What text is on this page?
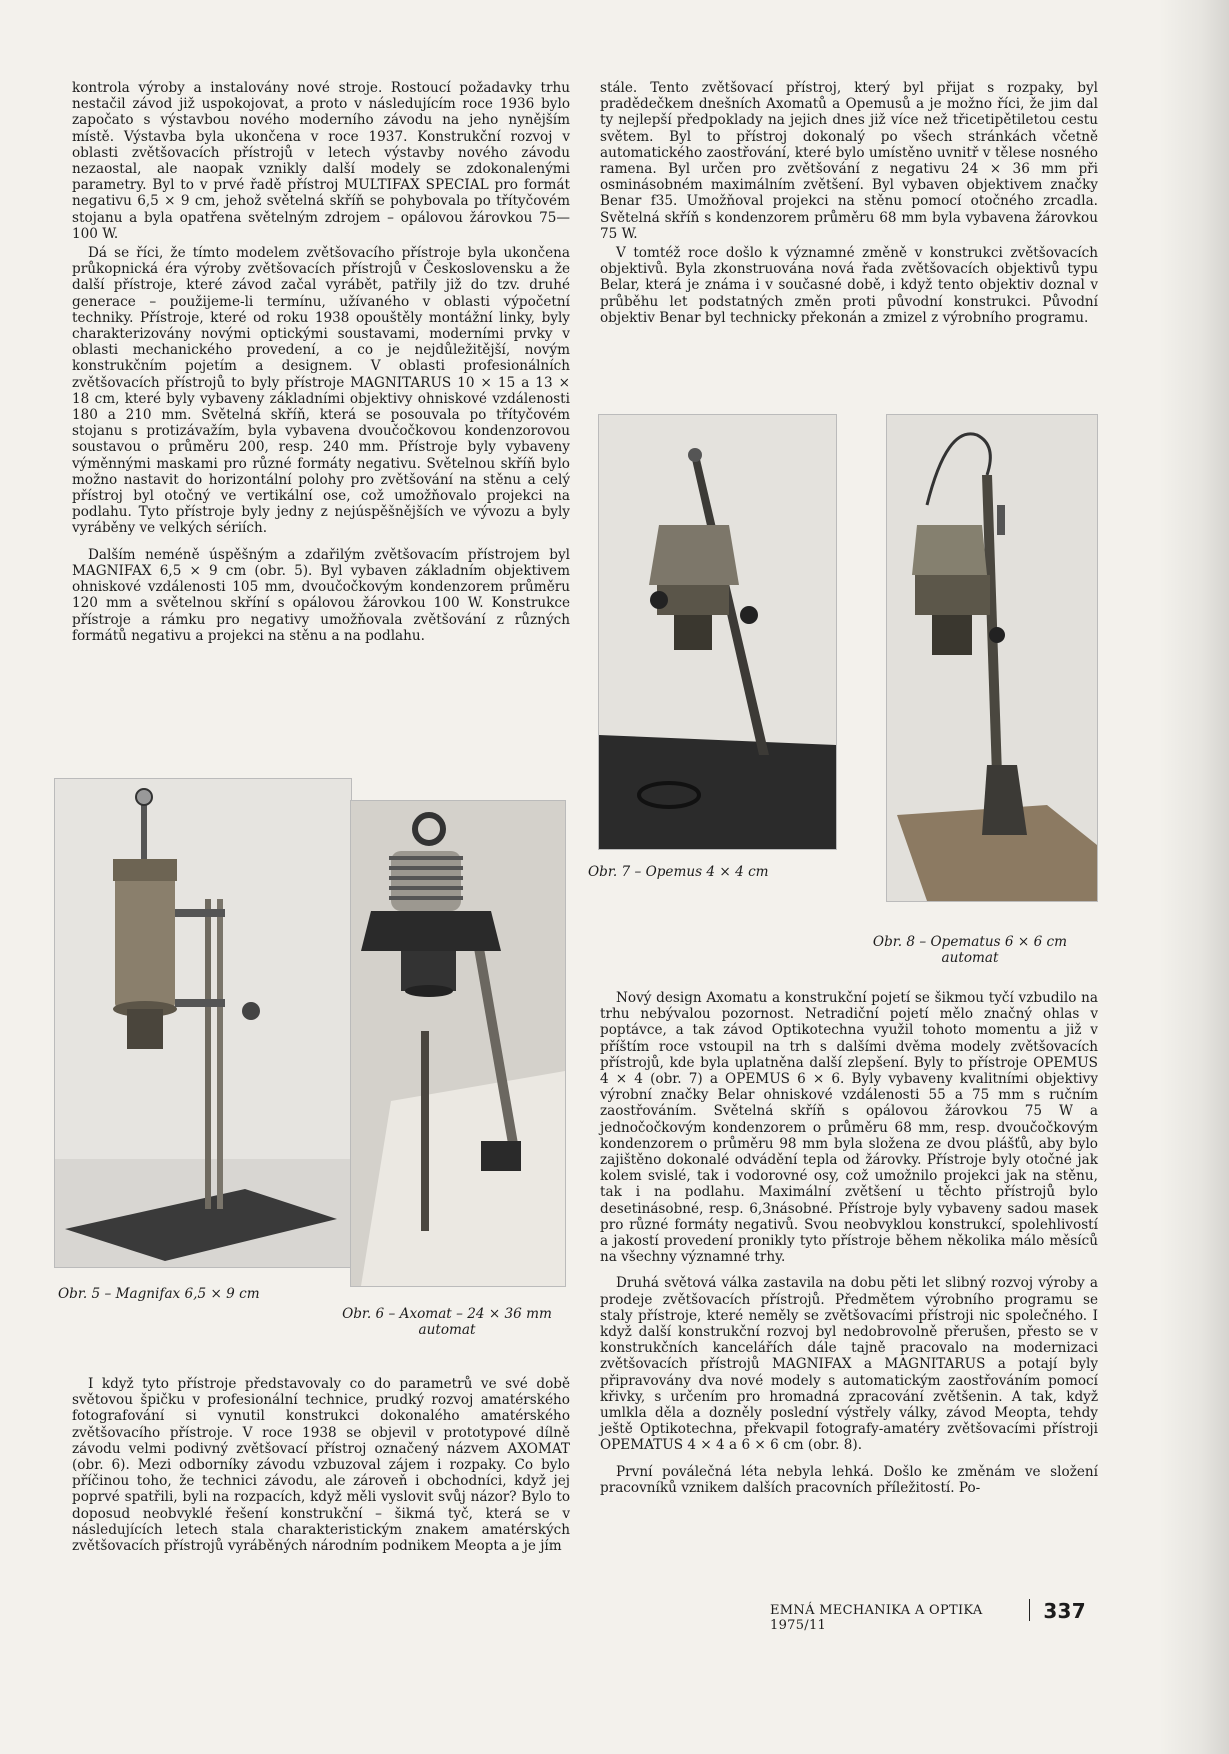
kontrola výroby a instalovány nové stroje. Rostoucí požadavky trhu nestačil závod již uspokojovat, a proto v následujícím roce 1936 bylo započato s výstavbou nového moderního závodu na jeho nynějším místě. Výstavba byla ukončena v roce 1937. Konstrukční rozvoj v oblasti zvětšovacích přístrojů v letech výstavby nového závodu nezaostal, ale naopak vznikly další modely se zdokonalenými parametry. Byl to v prvé řadě přístroj MULTIFAX SPECIAL pro formát negativu 6,5 × 9 cm, jehož světelná skříň se pohybovala po třítyčovém stojanu a byla opatřena světelným zdrojem – opálovou žárovkou 75—100 W.

Dá se říci, že tímto modelem zvětšovacího přístroje byla ukončena průkopnická éra výroby zvětšovacích přístrojů v Československu a že další přístroje, které závod začal vyrábět, patřily již do tzv. druhé generace – použijeme-li termínu, užívaného v oblasti výpočetní techniky. Přístroje, které od roku 1938 opouštěly montážní linky, byly charakterizovány novými optickými soustavami, moderními prvky v oblasti mechanického provedení, a co je nejdůležitější, novým konstrukčním pojetím a designem. V oblasti profesionálních zvětšovacích přístrojů to byly přístroje MAGNITARUS 10 × 15 a 13 × 18 cm, které byly vybaveny základními objektivy ohniskové vzdálenosti 180 a 210 mm. Světelná skříň, která se posouvala po třítyčovém stojanu s protizávažím, byla vybavena dvoučočkovou kondenzorovou soustavou o průměru 200, resp. 240 mm. Přístroje byly vybaveny výměnnými maskami pro různé formáty negativu. Světelnou skříň bylo možno nastavit do horizontální polohy pro zvětšování na stěnu a celý přístroj byl otočný ve vertikální ose, což umožňovalo projekci na podlahu. Tyto přístroje byly jedny z nejúspěšnějších ve vývozu a byly vyráběny ve velkých sériích.

Dalším neméně úspěšným a zdařilým zvětšovacím přístrojem byl MAGNIFAX 6,5 × 9 cm (obr. 5). Byl vybaven základním objektivem ohniskové vzdálenosti 105 mm, dvoučočkovým kondenzorem průměru 120 mm a světelnou skříní s opálovou žárovkou 100 W. Konstrukce přístroje a rámku pro negativy umožňovala zvětšování z různých formátů negativu a projekci na stěnu a na podlahu.

Obr. 5 – Magnifax 6,5 × 9 cm
Obr. 6 – Axomat – 24 × 36 mm
automat

I když tyto přístroje představovaly co do parametrů ve své době světovou špičku v profesionální technice, prudký rozvoj amatérského fotografování si vynutil konstrukci dokonalého amatérského zvětšovacího přístroje. V roce 1938 se objevil v prototypové dílně závodu velmi podivný zvětšovací přístroj označený názvem AXOMAT (obr. 6). Mezi odborníky závodu vzbuzoval zájem i rozpaky. Co bylo příčinou toho, že technici závodu, ale zároveň i obchodníci, když jej poprvé spatřili, byli na rozpacích, když měli vyslovit svůj názor? Bylo to doposud neobvyklé řešení konstrukční – šikmá tyč, která se v následujících letech stala charakteristickým znakem amatérských zvětšovacích přístrojů vyráběných národním podnikem Meopta a je jím

stále. Tento zvětšovací přístroj, který byl přijat s rozpaky, byl pradědečkem dnešních Axomatů a Opemusů a je možno říci, že jim dal ty nejlepší předpoklady na jejich dnes již více než třicetipětiletou cestu světem. Byl to přístroj dokonalý po všech stránkách včetně automatického zaostřování, které bylo umístěno uvnitř v tělese nosného ramena. Byl určen pro zvětšování z negativu 24 × 36 mm při osminásobném maximálním zvětšení. Byl vybaven objektivem značky Benar f35. Umožňoval projekci na stěnu pomocí otočného zrcadla. Světelná skříň s kondenzorem průměru 68 mm byla vybavena žárovkou 75 W.

V tomtéž roce došlo k významné změně v konstrukci zvětšovacích objektivů. Byla zkonstruována nová řada zvětšovacích objektivů typu Belar, která je známa i v současné době, i když tento objektiv doznal v průběhu let podstatných změn proti původní konstrukci. Původní objektiv Benar byl technicky překonán a zmizel z výrobního programu.

Obr. 7 – Opemus 4 × 4 cm
Obr. 8 – Opematus 6 × 6 cm
automat

Nový design Axomatu a konstrukční pojetí se šikmou tyčí vzbudilo na trhu nebývalou pozornost. Netradiční pojetí mělo značný ohlas v poptávce, a tak závod Optikotechna využil tohoto momentu a již v příštím roce vstoupil na trh s dalšími dvěma modely zvětšovacích přístrojů, kde byla uplatněna další zlepšení. Byly to přístroje OPEMUS 4 × 4 (obr. 7) a OPEMUS 6 × 6. Byly vybaveny kvalitními objektivy výrobní značky Belar ohniskové vzdálenosti 55 a 75 mm s ručním zaostřováním. Světelná skříň s opálovou žárovkou 75 W a jednočočkovým kondenzorem o průměru 68 mm, resp. dvoučočkovým kondenzorem o průměru 98 mm byla složena ze dvou plášťů, aby bylo zajištěno dokonalé odvádění tepla od žárovky. Přístroje byly otočné jak kolem svislé, tak i vodorovné osy, což umožnilo projekci jak na stěnu, tak i na podlahu. Maximální zvětšení u těchto přístrojů bylo desetinásobné, resp. 6,3násobné. Přístroje byly vybaveny sadou masek pro různé formáty negativů. Svou neobvyklou konstrukcí, spolehlivostí a jakostí provedení pronikly tyto přístroje během několika málo měsíců na všechny významné trhy.

Druhá světová válka zastavila na dobu pěti let slibný rozvoj výroby a prodeje zvětšovacích přístrojů. Předmětem výrobního programu se staly přístroje, které neměly se zvětšovacími přístroji nic společného. I když další konstrukční rozvoj byl nedobrovolně přerušen, přesto se v konstrukčních kancelářích dále tajně pracovalo na modernizaci zvětšovacích přístrojů MAGNIFAX a MAGNITARUS a potají byly připravovány dva nové modely s automatickým zaostřováním pomocí křivky, s určením pro hromadná zpracování zvětšenin. A tak, když umlkla děla a dozněly poslední výstřely války, závod Meopta, tehdy ještě Optikotechna, překvapil fotografy-amatéry zvětšovacími přístroji OPEMATUS 4 × 4 a 6 × 6 cm (obr. 8).

První poválečná léta nebyla lehká. Došlo ke změnám ve složení pracovníků vznikem dalších pracovních příležitostí. Po-

EMNÁ MECHANIKA A OPTIKA 1975/11
337
